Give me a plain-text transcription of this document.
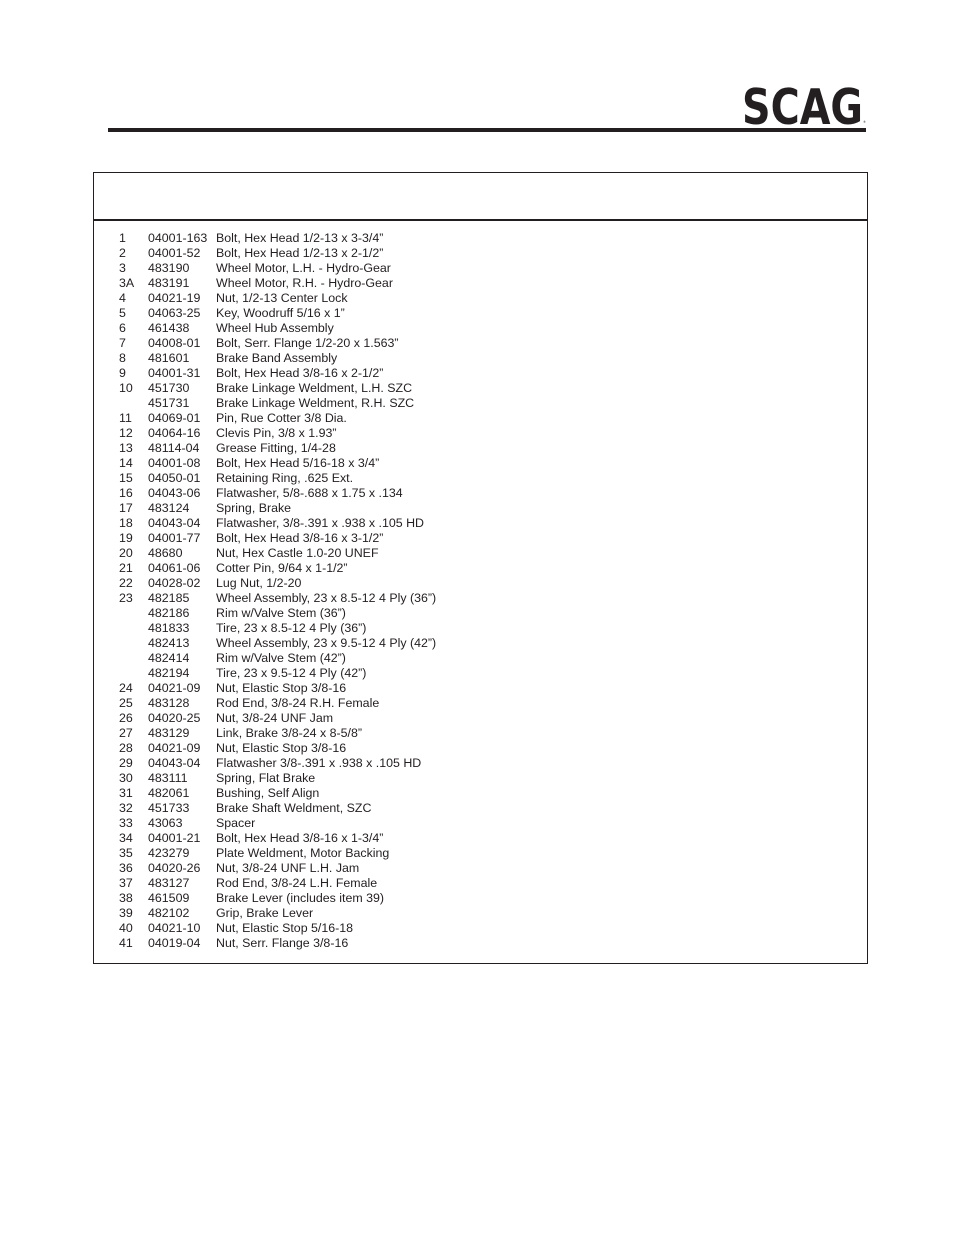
SCAG ®
1 04001-163 Bolt, Hex Head 1/2-13 x 3-3/4”
2 04001-52 Bolt, Hex Head 1/2-13 x 2-1/2”
3 483190 Wheel Motor, L.H. - Hydro-Gear
3A 483191 Wheel Motor, R.H. - Hydro-Gear
4 04021-19 Nut, 1/2-13 Center Lock
5 04063-25 Key, Woodruff 5/16 x 1”
6 461438 Wheel Hub Assembly
7 04008-01 Bolt, Serr. Flange 1/2-20 x 1.563”
8 481601 Brake Band Assembly
9 04001-31 Bolt, Hex Head 3/8-16 x 2-1/2”
10 451730 Brake Linkage Weldment, L.H. SZC
451731 Brake Linkage Weldment, R.H. SZC
11 04069-01 Pin, Rue Cotter 3/8 Dia.
12 04064-16 Clevis Pin, 3/8 x 1.93”
13 48114-04 Grease Fitting, 1/4-28
14 04001-08 Bolt, Hex Head 5/16-18 x 3/4”
15 04050-01 Retaining Ring, .625 Ext.
16 04043-06 Flatwasher, 5/8-.688 x 1.75 x .134
17 483124 Spring, Brake
18 04043-04 Flatwasher, 3/8-.391 x .938 x .105 HD
19 04001-77 Bolt, Hex Head 3/8-16 x 3-1/2”
20 48680	Nut, Hex Castle 1.0-20 UNEF
21 04061-06 Cotter Pin, 9/64 x 1-1/2”
22 04028-02 Lug Nut, 1/2-20
23 482185 Wheel Assembly, 23 x 8.5-12 4 Ply (36”)
482186 Rim w/Valve Stem (36”)
481833 Tire, 23 x 8.5-12 4 Ply (36”)
482413 Wheel Assembly, 23 x 9.5-12 4 Ply (42”)
482414 Rim w/Valve Stem (42”)
482194 Tire, 23 x 9.5-12 4 Ply (42”)
24 04021-09 Nut, Elastic Stop 3/8-16
25 483128 Rod End, 3/8-24 R.H. Female
26 04020-25 Nut, 3/8-24 UNF Jam
27 483129 Link, Brake 3/8-24 x 8-5/8”
28 04021-09 Nut, Elastic Stop 3/8-16
29 04043-04 Flatwasher 3/8-.391 x .938 x .105 HD
30 483111 Spring, Flat Brake
31 482061 Bushing, Self Align
32 451733 Brake Shaft Weldment, SZC
33 43063	Spacer
34 04001-21 Bolt, Hex Head 3/8-16 x 1-3/4”
35 423279 Plate Weldment, Motor Backing
36 04020-26 Nut, 3/8-24 UNF L.H. Jam
37 483127 Rod End, 3/8-24 L.H. Female
38 461509 Brake Lever (includes item 39)
39 482102 Grip, Brake Lever
40 04021-10 Nut, Elastic Stop 5/16-18
41 04019-04 Nut, Serr. Flange 3/8-16
